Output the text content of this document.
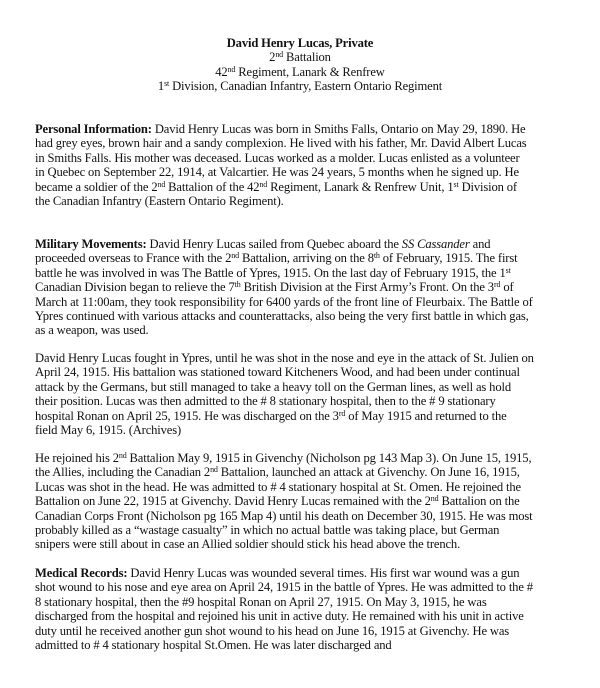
David Henry Lucas, Private
2nd Battalion
42nd Regiment, Lanark & Renfrew
1st Division, Canadian Infantry, Eastern Ontario Regiment
Personal Information: David Henry Lucas was born in Smiths Falls, Ontario on May 29, 1890. He
had grey eyes, brown hair and a sandy complexion. He lived with his father, Mr. David Albert Lucas
in Smiths Falls. His mother was deceased. Lucas worked as a molder. Lucas enlisted as a volunteer
in Quebec on September 22, 1914, at Valcartier. He was 24 years, 5 months when he signed up. He
became a soldier of the 2nd Battalion of the 42nd Regiment, Lanark & Renfrew Unit, 1st Division of
the Canadian Infantry (Eastern Ontario Regiment).
Military Movements: David Henry Lucas sailed from Quebec aboard the SS Cassander and
proceeded overseas to France with the 2nd Battalion, arriving on the 8th of February, 1915. The first
battle he was involved in was The Battle of Ypres, 1915. On the last day of February 1915, the 1st
Canadian Division began to relieve the 7th British Division at the First Army’s Front. On the 3rd of
March at 11:00am, they took responsibility for 6400 yards of the front line of Fleurbaix. The Battle of
Ypres continued with various attacks and counterattacks, also being the very first battle in which gas,
as a weapon, was used.
David Henry Lucas fought in Ypres, until he was shot in the nose and eye in the attack of St. Julien on
April 24, 1915. His battalion was stationed toward Kitcheners Wood, and had been under continual
attack by the Germans, but still managed to take a heavy toll on the German lines, as well as hold
their position. Lucas was then admitted to the # 8 stationary hospital, then to the # 9 stationary
hospital Ronan on April 25, 1915. He was discharged on the 3rd of May 1915 and returned to the
field May 6, 1915. (Archives)
He rejoined his 2nd Battalion May 9, 1915 in Givenchy (Nicholson pg 143 Map 3). On June 15, 1915,
the Allies, including the Canadian 2nd Battalion, launched an attack at Givenchy. On June 16, 1915,
Lucas was shot in the head. He was admitted to # 4 stationary hospital at St. Omen. He rejoined the
Battalion on June 22, 1915 at Givenchy. David Henry Lucas remained with the 2nd Battalion on the
Canadian Corps Front (Nicholson pg 165 Map 4) until his death on December 30, 1915. He was most
probably killed as a “wastage casualty” in which no actual battle was taking place, but German
snipers were still about in case an Allied soldier should stick his head above the trench.
Medical Records: David Henry Lucas was wounded several times. His first war wound was a gun
shot wound to his nose and eye area on April 24, 1915 in the battle of Ypres. He was admitted to the #
8 stationary hospital, then the #9 hospital Ronan on April 27, 1915. On May 3, 1915, he was
discharged from the hospital and rejoined his unit in active duty. He remained with his unit in active
duty until he received another gun shot wound to his head on June 16, 1915 at Givenchy. He was
admitted to # 4 stationary hospital St.Omen. He was later discharged and
